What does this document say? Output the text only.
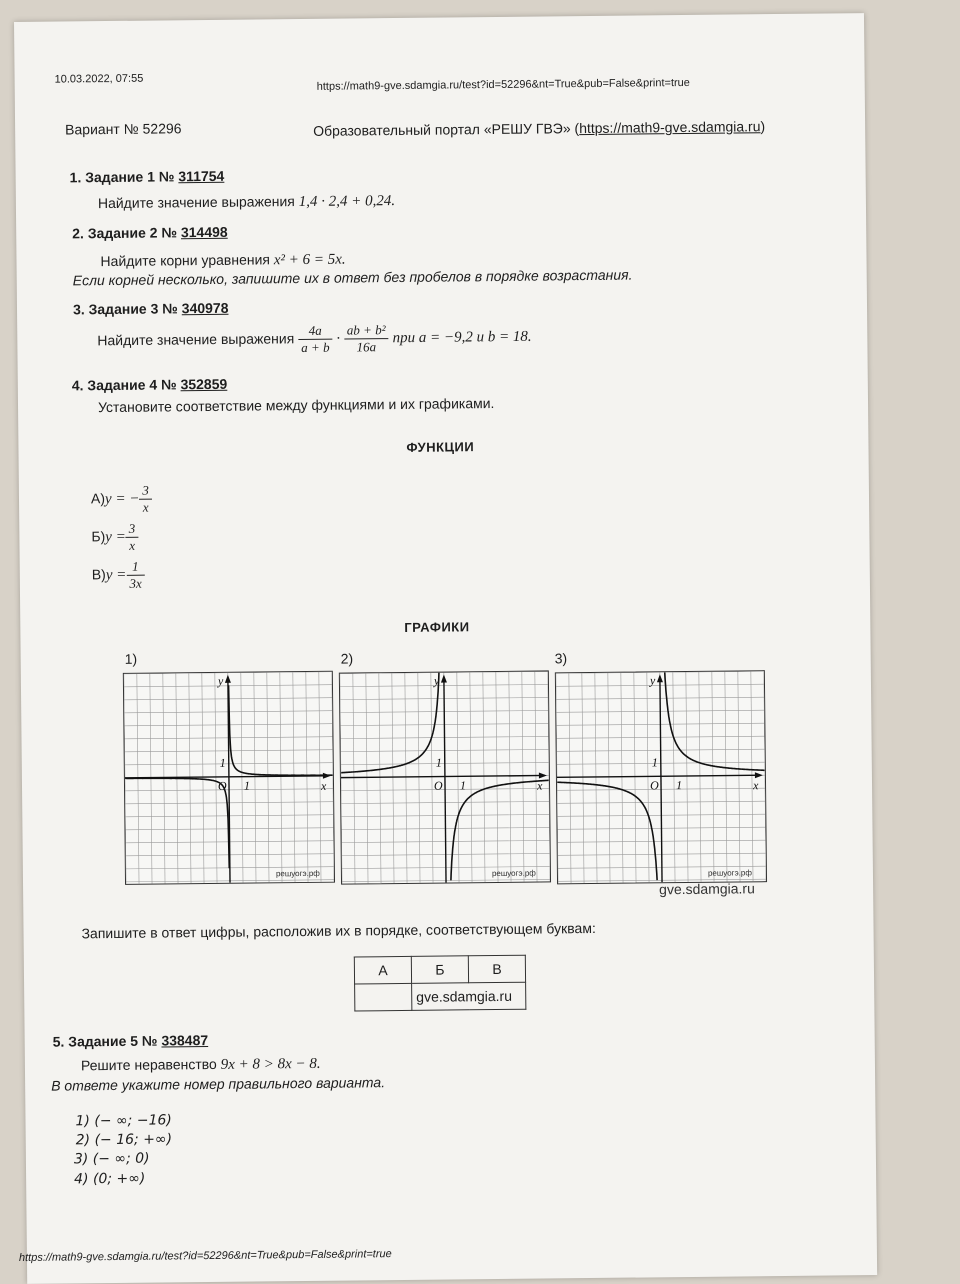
10.03.2022, 07:55	https://math9-gve.sdamgia.ru/test?id=52296&nt=True&pub=False&print=true
Вариант № 52296	Образовательный портал «РЕШУ ГВЭ» (https://math9-gve.sdamgia.ru)
1. Задание 1 № 311754
Найдите значение выражения 1,4 · 2,4 + 0,24.
2. Задание 2 № 314498
Найдите корни уравнения x² + 6 = 5x.
Если корней несколько, запишите их в ответ без пробелов в порядке возрастания.
3. Задание 3 № 340978
Найдите значение выражения $\frac{4a}{a + b} \cdot \frac{\text{ab + b²}}{16a}$ при a = −9,2 и b = 18.
4. Задание 4 № 352859
Установите соответствие между функциями и их графиками.
ФУНКЦИИ
А)y = − $\frac{3}{x}$
$Б)y = \frac{3}{x}$
$В)y = \frac{1}{3x}$
ГРАФИКИ
1)	2)	3)
x
y
O 1
1
решуогэ.рф
x
y
O 1
1
решуогэ.рф
x
y
O 1
1
решуогэ.рф
gve.sdamgia.ru
Запишите в ответ цифры, расположив их в порядке, соответствующем буквам:
А	Б	В
	gve.sdamgia.ru	
5. Задание 5 № 338487
Решите неравенство 9x + 8 > 8x − 8.
В ответе укажите номер правильного варианта.
1) (− ∞; −16)
2) (− 16; +∞)
3) (− ∞; 0)
4) (0; +∞)
https://math9-gve.sdamgia.ru/test?id=52296&nt=True&pub=False&print=true
